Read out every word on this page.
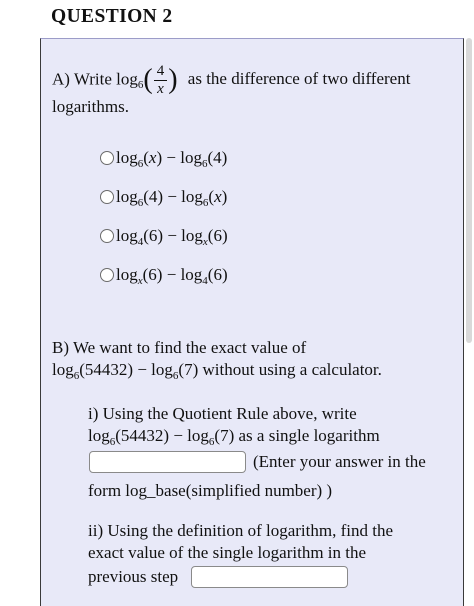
QUESTION 2
A) Write $\log_6( \frac{4}{x}$ ) as the difference of two different
logarithms.
$\log_6(x) - \log_6(4)$
$\log_6(4) - \log_6(x)$
$\log_4(6) - \log_x(6)$
$\log_x(6) - \log_4(6)$
B) We want to find the exact value of
$\log_6(54432) - \log_6(7)$ without using a calculator.
i) Using the Quotient Rule above, write
$\log_6(54432) - \log_6(7)$ as a single logarithm
(Enter your answer in the
form log_base(simplified number) )
ii) Using the definition of logarithm, find the
exact value of the single logarithm in the
previous step
